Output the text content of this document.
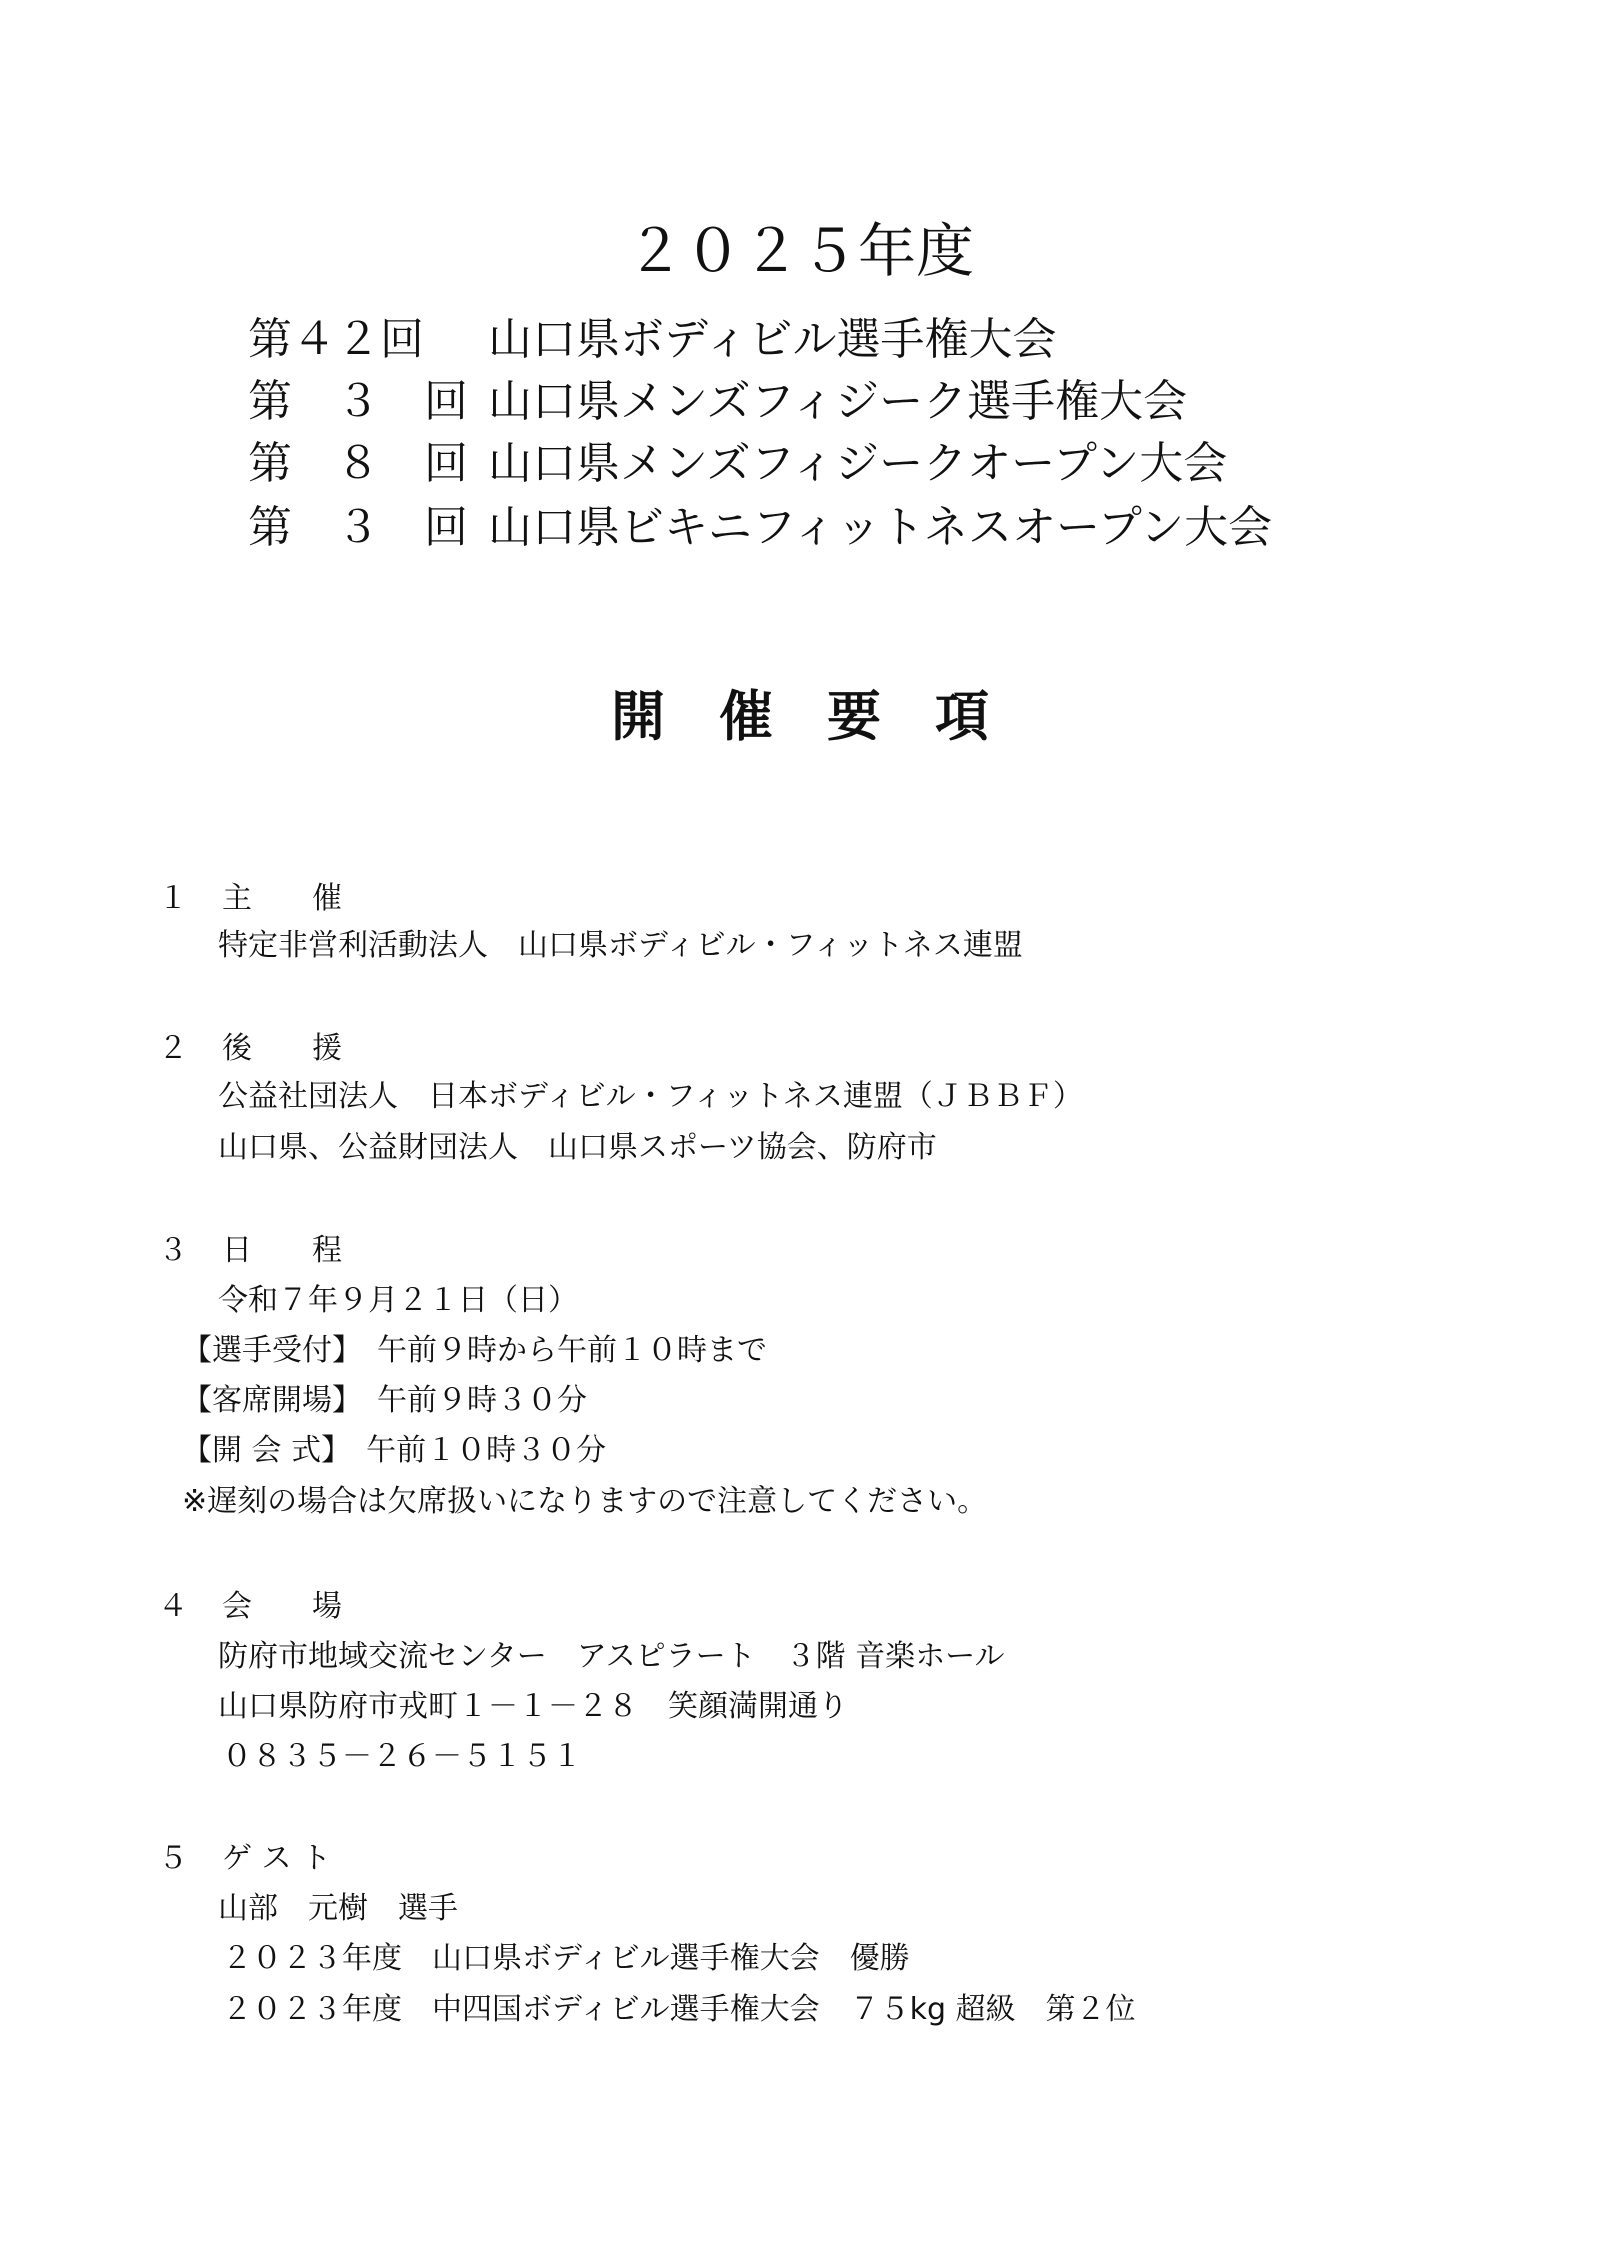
２０２５年度
第４２回 山口県ボディビル選手権大会
第　３　回 山口県メンズフィジーク選手権大会
第　８　回 山口県メンズフィジークオープン大会
第　３　回 山口県ビキニフィットネスオープン大会
開　催　要　項
１ 主　　催
特定非営利活動法人　山口県ボディビル・フィットネス連盟
２ 後　　援
公益社団法人　日本ボディビル・フィットネス連盟（ＪＢＢＦ）
山口県、公益財団法人　山口県スポーツ協会、防府市
３ 日　　程
令和７年９月２１日（日）
【選手受付】　午前９時から午前１０時まで
【客席開場】　午前９時３０分
【開 会 式】　午前１０時３０分
※遅刻の場合は欠席扱いになりますので注意してください。
４ 会　　場
防府市地域交流センター　アスピラート　３階 音楽ホール
山口県防府市戎町１－１－２８　笑顔満開通り
０８３５－２６－５１５１
５ ゲ ス ト
山部　元樹　選手
２０２３年度　山口県ボディビル選手権大会　優勝
２０２３年度　中四国ボディビル選手権大会　７５kg 超級　第２位
